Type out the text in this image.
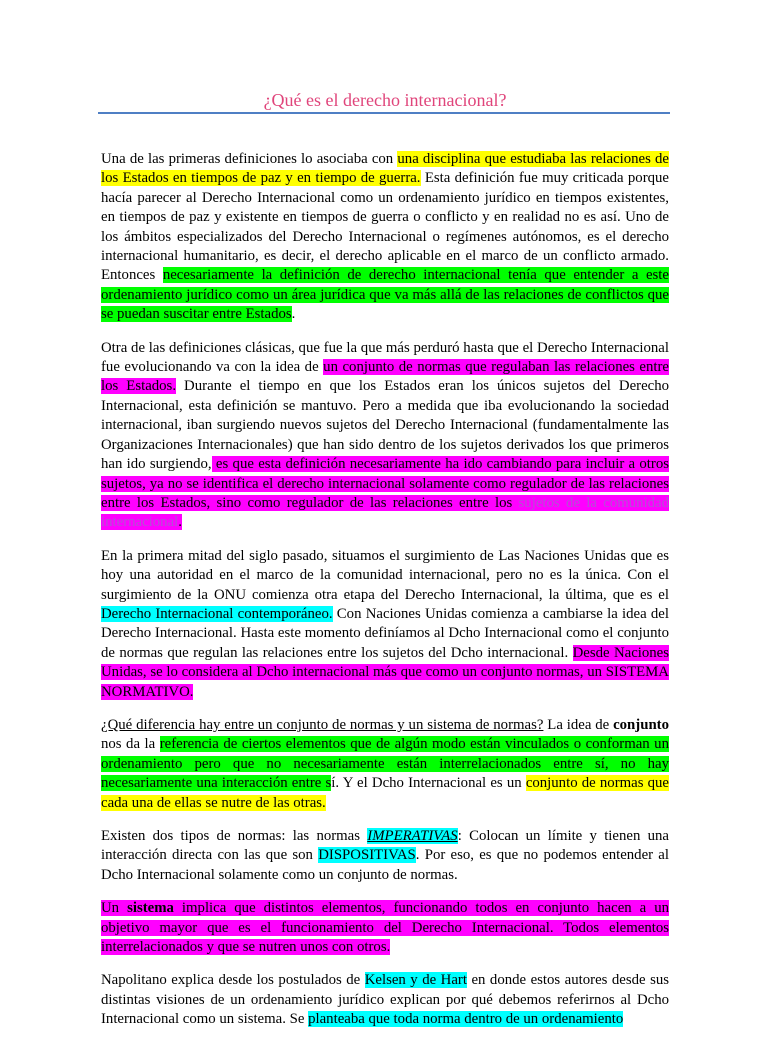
¿Qué es el derecho internacional?

Una de las primeras definiciones lo asociaba con una disciplina que estudiaba las relaciones de los Estados en tiempos de paz y en tiempo de guerra. Esta definición fue muy criticada porque hacía parecer al Derecho Internacional como un ordenamiento jurídico en tiempos existentes, en tiempos de paz y existente en tiempos de guerra o conflicto y en realidad no es así. Uno de los ámbitos especializados del Derecho Internacional o regímenes autónomos, es el derecho internacional humanitario, es decir, el derecho aplicable en el marco de un conflicto armado. Entonces necesariamente la definición de derecho internacional tenía que entender a este ordenamiento jurídico como un área jurídica que va más allá de las relaciones de conflictos que se puedan suscitar entre Estados.

Otra de las definiciones clásicas, que fue la que más perduró hasta que el Derecho Internacional fue evolucionando va con la idea de un conjunto de normas que regulaban las relaciones entre los Estados. Durante el tiempo en que los Estados eran los únicos sujetos del Derecho Internacional, esta definición se mantuvo. Pero a medida que iba evolucionando la sociedad internacional, iban surgiendo nuevos sujetos del Derecho Internacional (fundamentalmente las Organizaciones Internacionales) que han sido dentro de los sujetos derivados los que primeros han ido surgiendo, es que esta definición necesariamente ha ido cambiando para incluir a otros sujetos, ya no se identifica el derecho internacional solamente como regulador de las relaciones entre los Estados, sino como regulador de las relaciones entre los sujetos de la comunidad internacional.

En la primera mitad del siglo pasado, situamos el surgimiento de Las Naciones Unidas que es hoy una autoridad en el marco de la comunidad internacional, pero no es la única. Con el surgimiento de la ONU comienza otra etapa del Derecho Internacional, la última, que es el Derecho Internacional contemporáneo. Con Naciones Unidas comienza a cambiarse la idea del Derecho Internacional. Hasta este momento definíamos al Dcho Internacional como el conjunto de normas que regulan las relaciones entre los sujetos del Dcho internacional. Desde Naciones Unidas, se lo considera al Dcho internacional más que como un conjunto normas, un SISTEMA NORMATIVO.

¿Qué diferencia hay entre un conjunto de normas y un sistema de normas? La idea de conjunto nos da la referencia de ciertos elementos que de algún modo están vinculados o conforman un ordenamiento pero que no necesariamente están interrelacionados entre sí, no hay necesariamente una interacción entre sí. Y el Dcho Internacional es un conjunto de normas que cada una de ellas se nutre de las otras.

Existen dos tipos de normas: las normas IMPERATIVAS: Colocan un límite y tienen una interacción directa con las que son DISPOSITIVAS. Por eso, es que no podemos entender al Dcho Internacional solamente como un conjunto de normas.

Un sistema implica que distintos elementos, funcionando todos en conjunto hacen a un objetivo mayor que es el funcionamiento del Derecho Internacional. Todos elementos interrelacionados y que se nutren unos con otros.

Napolitano explica desde los postulados de Kelsen y de Hart en donde estos autores desde sus distintas visiones de un ordenamiento jurídico explican por qué debemos referirnos al Dcho Internacional como un sistema. Se planteaba que toda norma dentro de un ordenamiento
